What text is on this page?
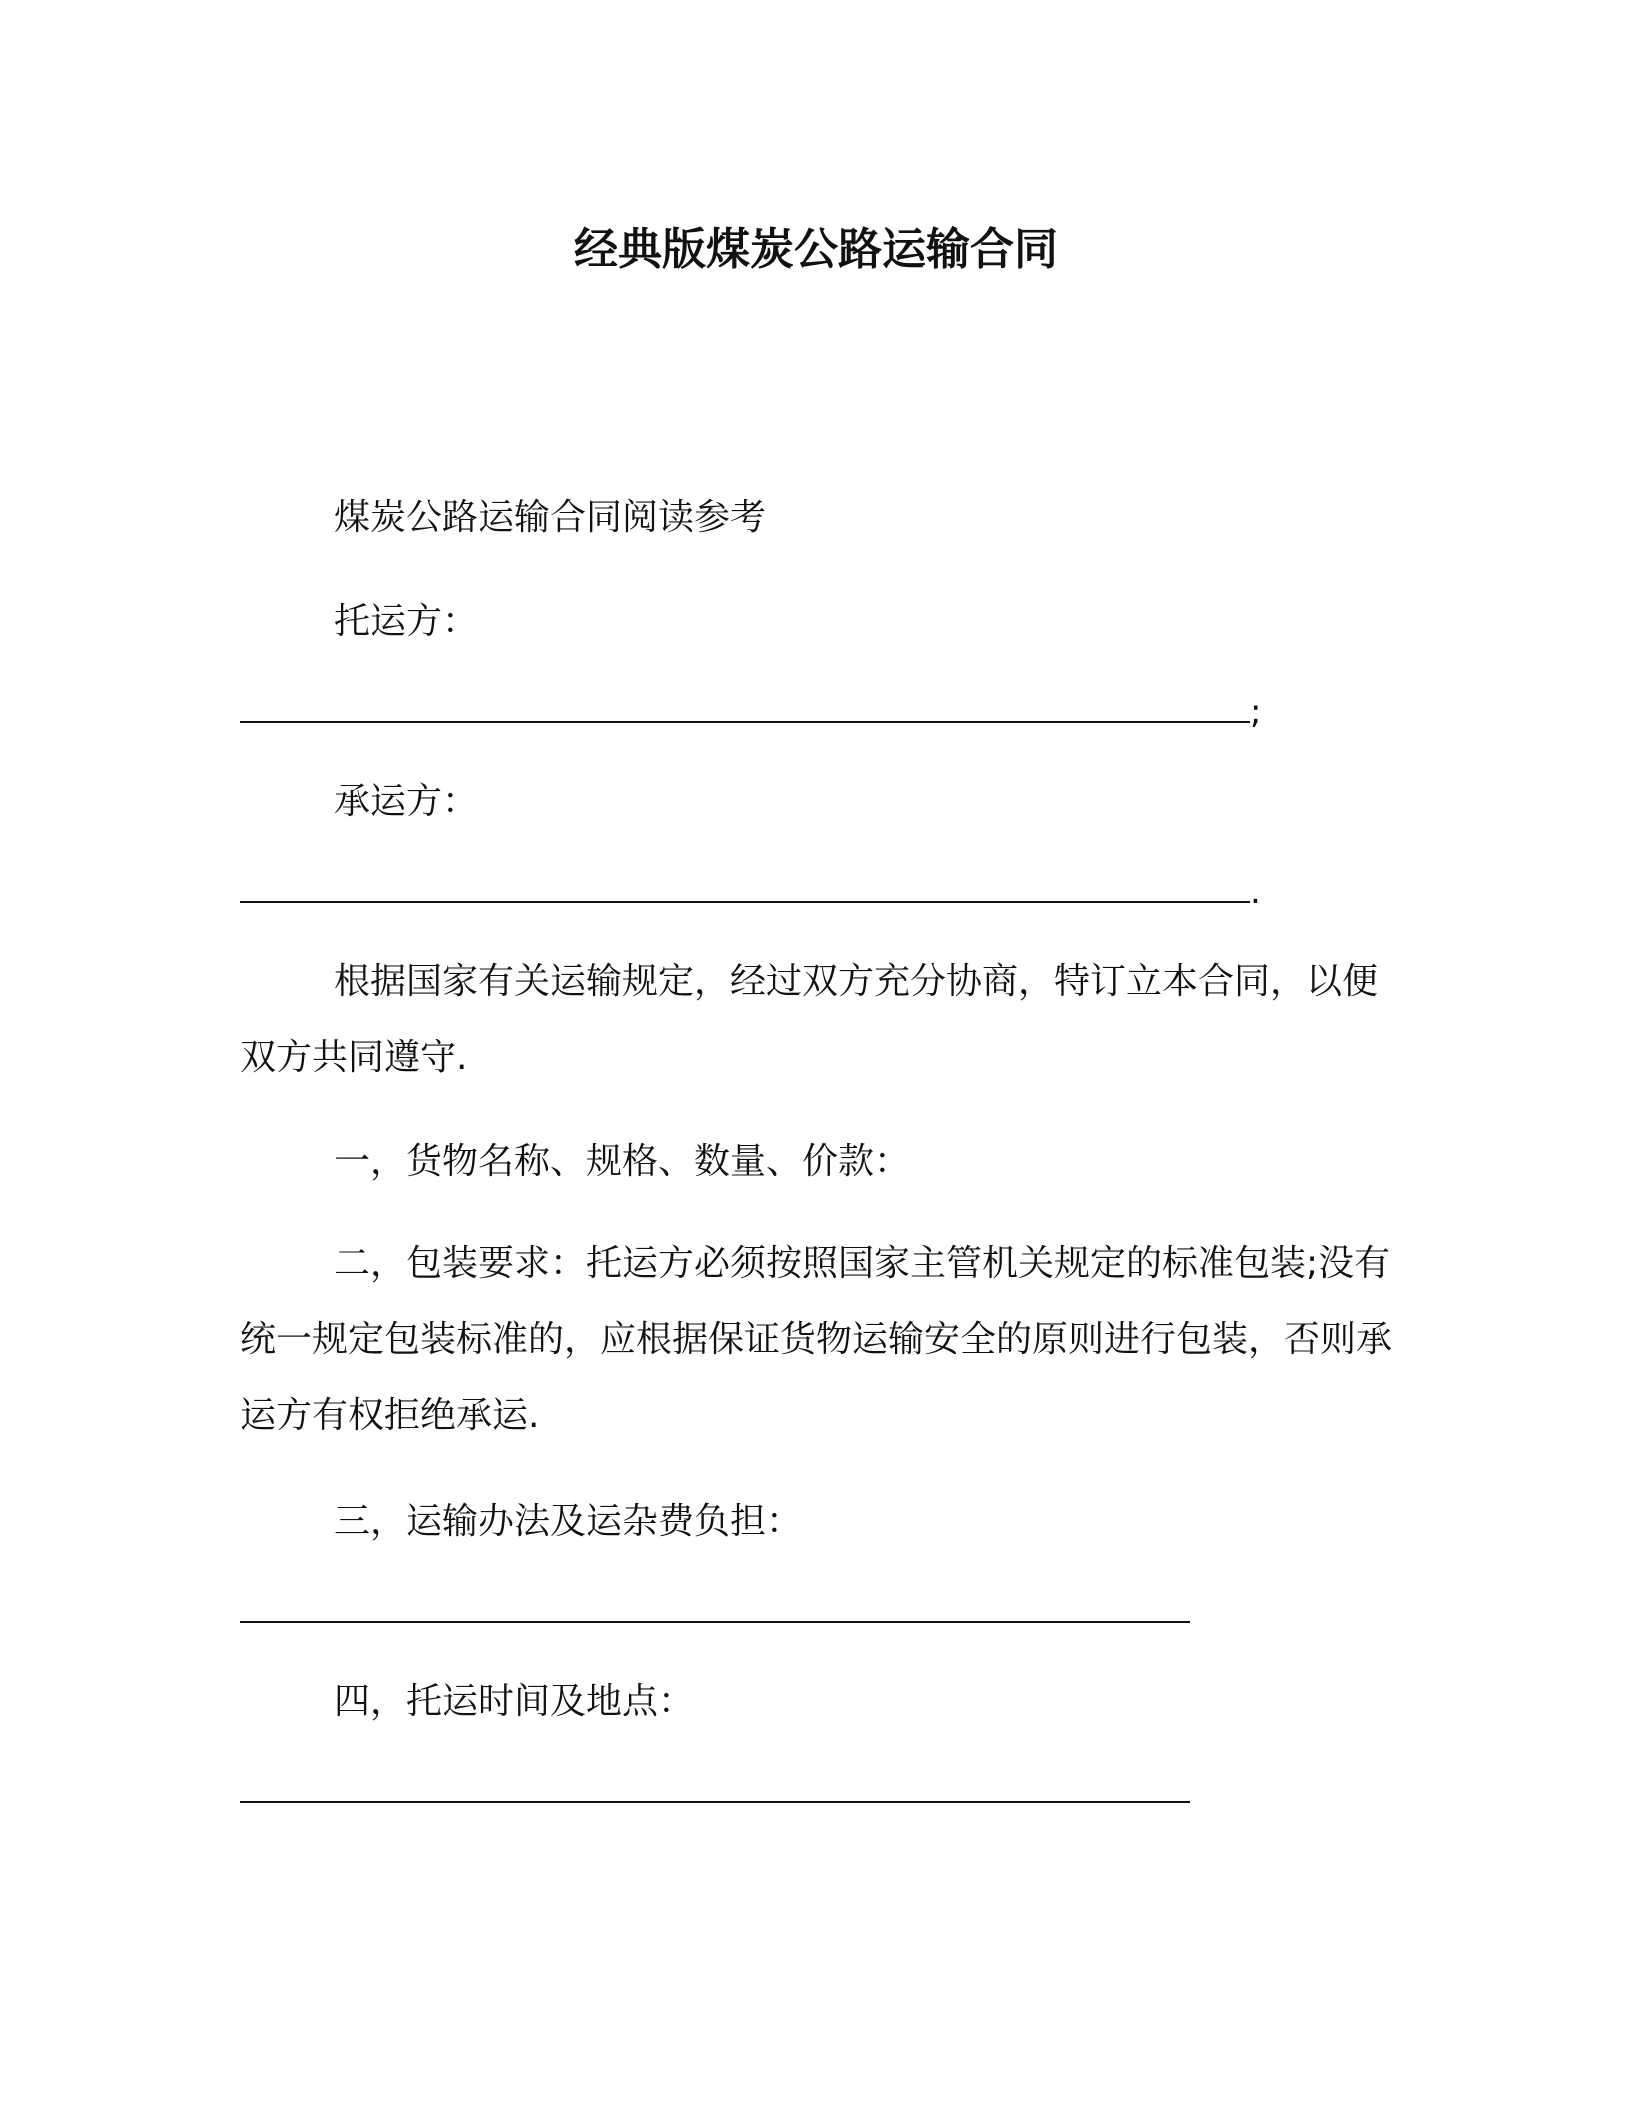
经典版煤炭公路运输合同
煤炭公路运输合同阅读参考
托运方：
;
承运方：
.
根据国家有关运输规定，经过双方充分协商，特订立本合同，以便双方共同遵守.
一，货物名称、规格、数量、价款：
二，包装要求：托运方必须按照国家主管机关规定的标准包装;没有统一规定包装标准的，应根据保证货物运输安全的原则进行包装，否则承运方有权拒绝承运.
三，运输办法及运杂费负担：
四，托运时间及地点：
